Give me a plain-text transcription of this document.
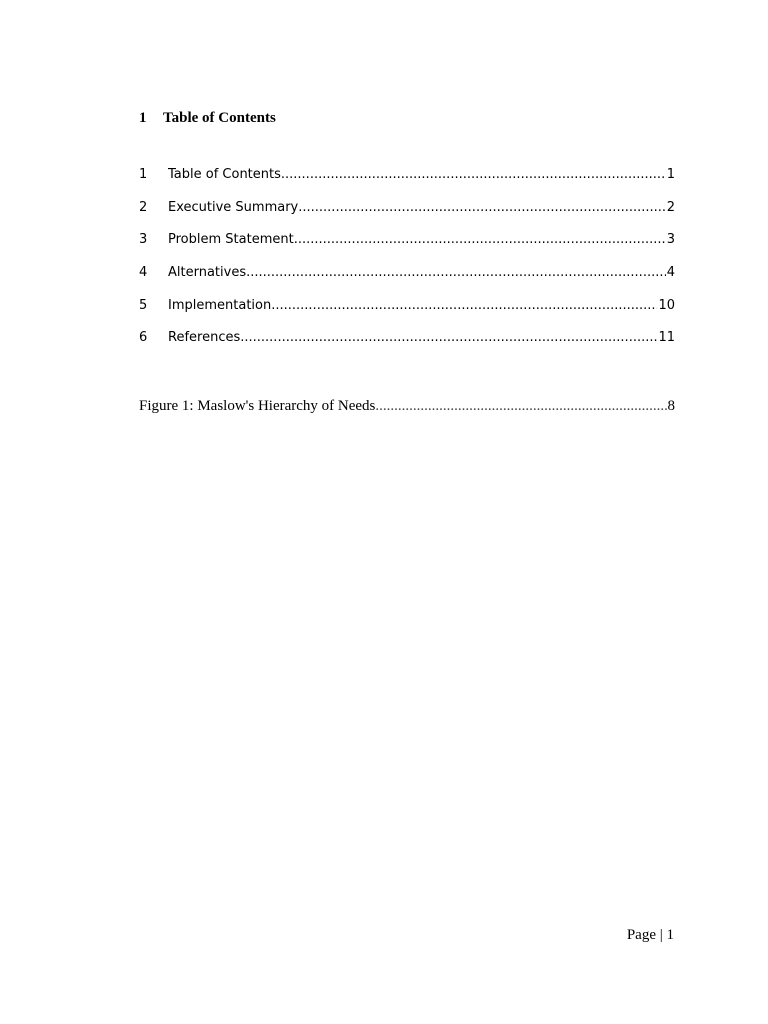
1	Table of Contents
1	Table of Contents .....	1
2	Executive Summary .....	2
3	Problem Statement .....	3
4	Alternatives .....	4
5	Implementation .....	10
6	References .....	11
Figure 1: Maslow's Hierarchy of Needs .....	8
Page | 1
